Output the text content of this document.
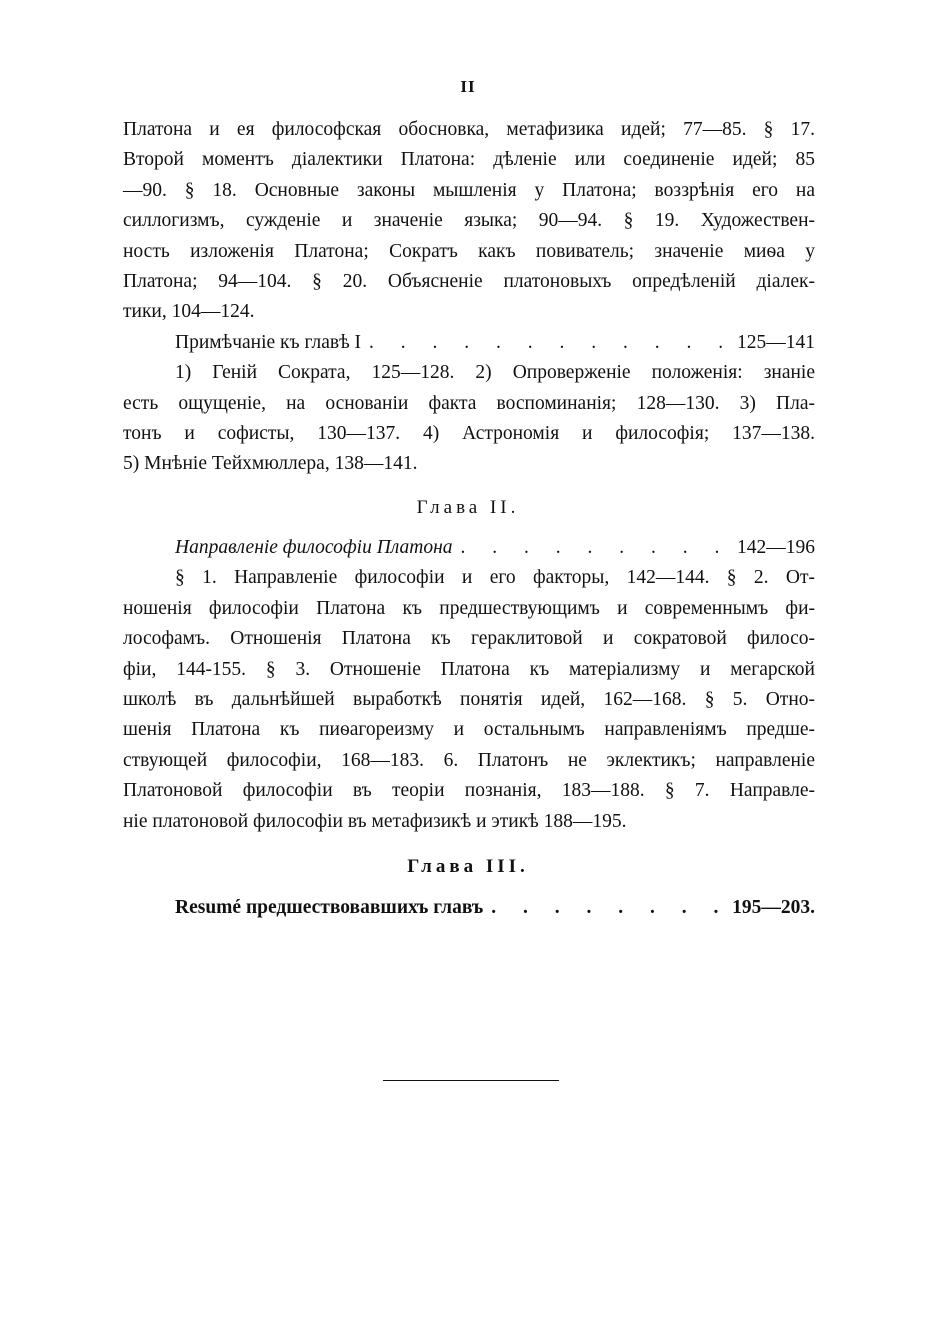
II
Платона и ея философская обосновка, метафизика идей; 77—85. § 17.
Второй моментъ діалектики Платона: дѣленіе или соединеніе идей; 85
—90. § 18. Основные законы мышленія у Платона; воззрѣнія его на
силлогизмъ, сужденіе и значеніе языка; 90—94. § 19. Художествен-
ность изложенія Платона; Сократъ какъ повиватель; значеніе миѳа у
Платона; 94—104. § 20. Объясненіе платоновыхъ опредѣленій діалек-
тики, 104—124.
Примѣчаніе къ главѣ I . . .	125—141
1) Геній Сократа, 125—128. 2) Опроверженіе положенія: знаніе
есть ощущеніе, на основаніи факта воспоминанія; 128—130. 3) Пла-
тонъ и софисты, 130—137. 4) Астрономія и философія; 137—138.
5) Мнѣніе Тейхмюллера, 138—141.
Глава II.
Направленіе философіи Платона . . .	142—196
§ 1. Направленіе философіи и его факторы, 142—144. § 2. От-
ношенія философіи Платона къ предшествующимъ и современнымъ фи-
лософамъ. Отношенія Платона къ гераклитовой и сократовой филосо-
фіи, 144-155. § 3. Отношеніе Платона къ матеріализму и мегарской
школѣ въ дальнѣйшей выработкѣ понятія идей, 162—168. § 5. Отно-
шенія Платона къ пиѳагореизму и остальнымъ направленіямъ предше-
ствующей философіи, 168—183. 6. Платонъ не эклектикъ; направленіе
Платоновой философіи въ теоріи познанія, 183—188. § 7. Направле-
ніе платоновой философіи въ метафизикѣ и этикѣ 188—195.
Глава III.
Resumé предшествовавшихъ главъ . . .	195—203.
